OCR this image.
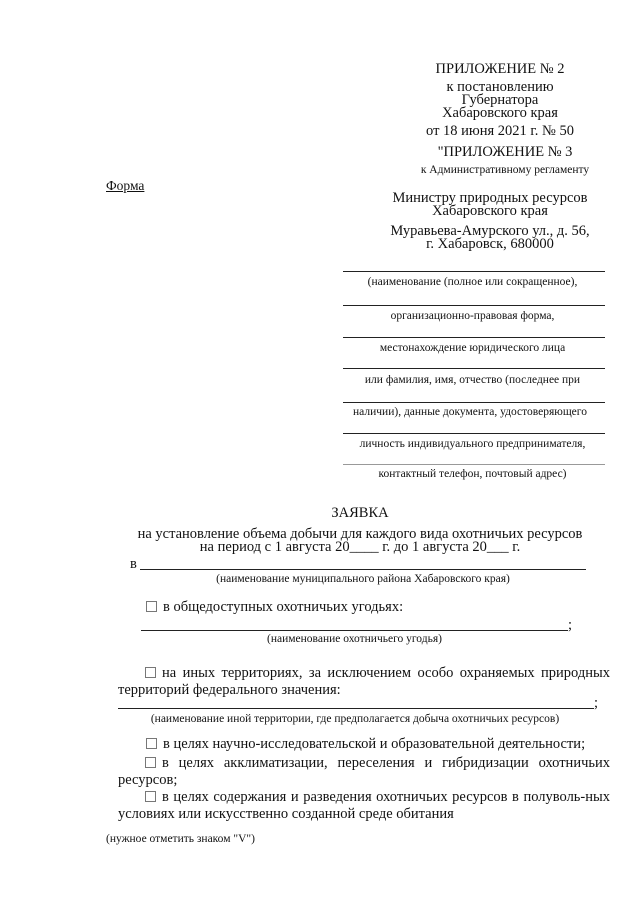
ПРИЛОЖЕНИЕ № 2
к постановлению
Губернатора
Хабаровского края
от 18 июня 2021 г. № 50
"ПРИЛОЖЕНИЕ № 3
к Административному регламенту
Форма
Министру природных ресурсов
Хабаровского края
Муравьева-Амурского ул., д. 56,
г. Хабаровск, 680000
(наименование (полное или сокращенное),
организационно-правовая форма,
местонахождение юридического лица
или фамилия, имя, отчество (последнее при
наличии), данные документа, удостоверяющего
личность индивидуального предпринимателя,
контактный телефон, почтовый адрес)
ЗАЯВКА
на установление объема добычи для каждого вида охотничьих ресурсов
на период с 1 августа 20____ г. до 1 августа 20___ г.
в
(наименование муниципального района Хабаровского края)
в общедоступных охотничьих угодьях:
;
(наименование охотничьего угодья)
на иных территориях, за исключением особо охраняемых природных территорий федерального значения:
;
(наименование иной территории, где предполагается добыча охотничьих ресурсов)
в целях научно-исследовательской и образовательной деятельности;
в целях акклиматизации, переселения и гибридизации охотничьих ресурсов;
в целях содержания и разведения охотничьих ресурсов в полуволь-ных условиях или искусственно созданной среде обитания
(нужное отметить знаком "V")
